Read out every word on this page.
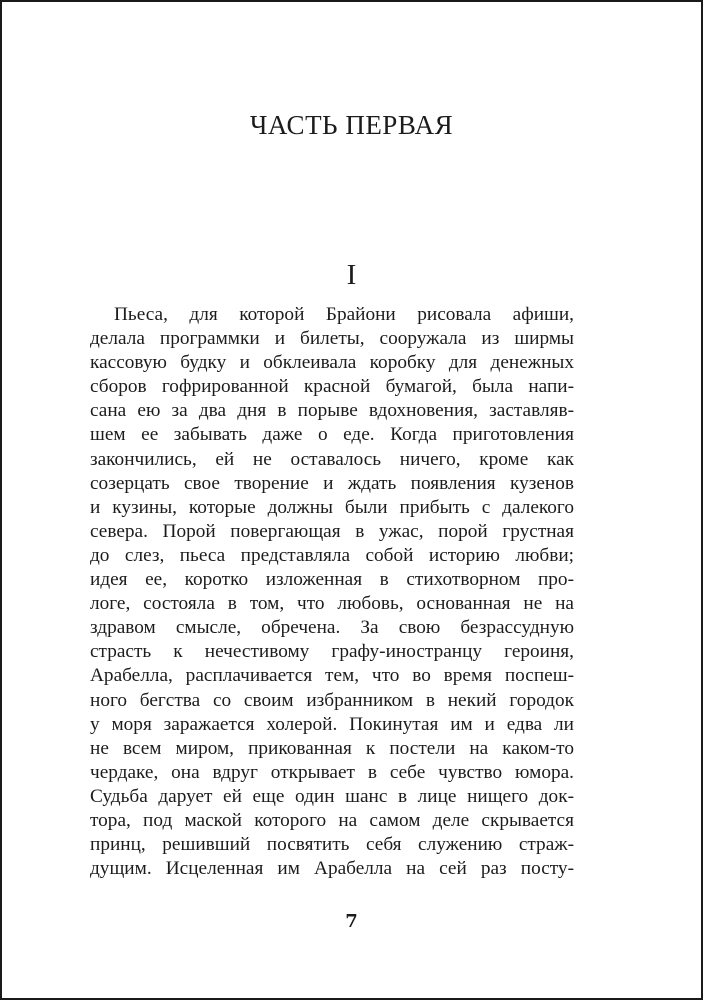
ЧАСТЬ ПЕРВАЯ
I
Пьеса, для которой Брайони рисовала афиши,
делала программки и билеты, сооружала из ширмы
кассовую будку и обклеивала коробку для денежных
сборов гофрированной красной бумагой, была напи-
сана ею за два дня в порыве вдохновения, заставляв-
шем ее забывать даже о еде. Когда приготовления
закончились, ей не оставалось ничего, кроме как
созерцать свое творение и ждать появления кузенов
и кузины, которые должны были прибыть с далекого
севера. Порой повергающая в ужас, порой грустная
до слез, пьеса представляла собой историю любви;
идея ее, коротко изложенная в стихотворном про-
логе, состояла в том, что любовь, основанная не на
здравом смысле, обречена. За свою безрассудную
страсть к нечестивому графу-иностранцу героиня,
Арабелла, расплачивается тем, что во время поспеш-
ного бегства со своим избранником в некий городок
у моря заражается холерой. Покинутая им и едва ли
не всем миром, прикованная к постели на каком-то
чердаке, она вдруг открывает в себе чувство юмора.
Судьба дарует ей еще один шанс в лице нищего док-
тора, под маской которого на самом деле скрывается
принц, решивший посвятить себя служению страж-
дущим. Исцеленная им Арабелла на сей раз посту-
7
